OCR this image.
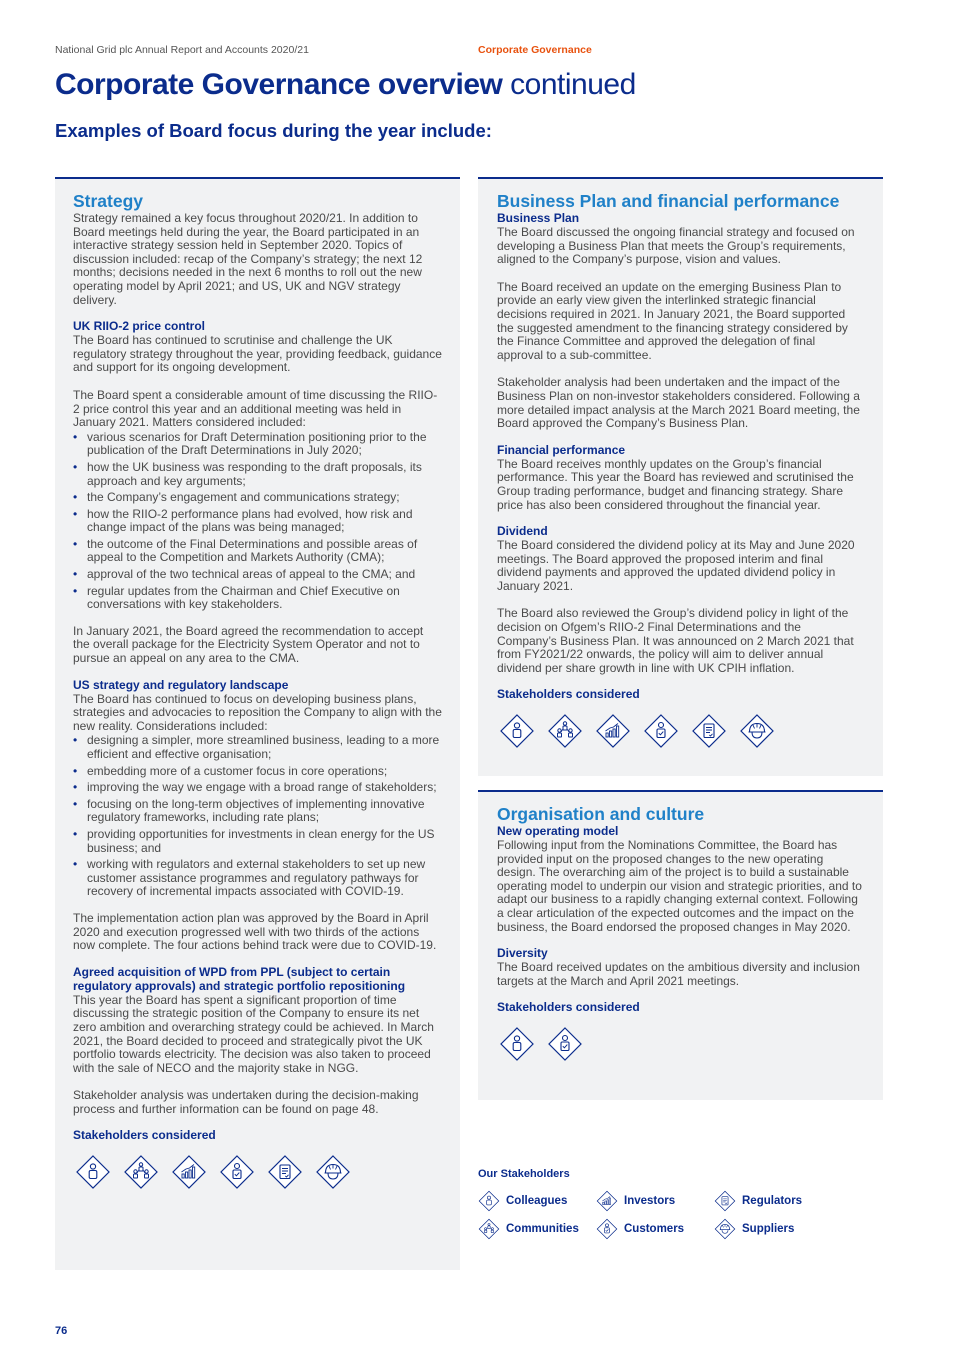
National Grid plc Annual Report and Accounts 2020/21	Corporate Governance
Corporate Governance overview continued
Examples of Board focus during the year include:
Strategy
Strategy remained a key focus throughout 2020/21. In addition to Board meetings held during the year, the Board participated in an interactive strategy session held in September 2020. Topics of discussion included: recap of the Company’s strategy; the next 12 months; decisions needed in the next 6 months to roll out the new operating model by April 2021; and US, UK and NGV strategy delivery.
UK RIIO-2 price control
The Board has continued to scrutinise and challenge the UK regulatory strategy throughout the year, providing feedback, guidance and support for its ongoing development.
The Board spent a considerable amount of time discussing the RIIO-2 price control this year and an additional meeting was held in January 2021. Matters considered included:
• various scenarios for Draft Determination positioning prior to the publication of the Draft Determinations in July 2020;
• how the UK business was responding to the draft proposals, its approach and key arguments;
• the Company’s engagement and communications strategy;
• how the RIIO-2 performance plans had evolved, how risk and change impact of the plans was being managed;
• the outcome of the Final Determinations and possible areas of appeal to the Competition and Markets Authority (CMA);
• approval of the two technical areas of appeal to the CMA; and
• regular updates from the Chairman and Chief Executive on conversations with key stakeholders.
In January 2021, the Board agreed the recommendation to accept the overall package for the Electricity System Operator and not to pursue an appeal on any area to the CMA.
US strategy and regulatory landscape
The Board has continued to focus on developing business plans, strategies and advocacies to reposition the Company to align with the new reality. Considerations included:
• designing a simpler, more streamlined business, leading to a more efficient and effective organisation;
• embedding more of a customer focus in core operations;
• improving the way we engage with a broad range of stakeholders;
• focusing on the long-term objectives of implementing innovative regulatory frameworks, including rate plans;
• providing opportunities for investments in clean energy for the US business; and
• working with regulators and external stakeholders to set up new customer assistance programmes and regulatory pathways for recovery of incremental impacts associated with COVID-19.
The implementation action plan was approved by the Board in April 2020 and execution progressed well with two thirds of the actions now complete. The four actions behind track were due to COVID-19.
Agreed acquisition of WPD from PPL (subject to certain regulatory approvals) and strategic portfolio repositioning
This year the Board has spent a significant proportion of time discussing the strategic position of the Company to ensure its net zero ambition and overarching strategy could be achieved. In March 2021, the Board decided to proceed and strategically pivot the UK portfolio towards electricity. The decision was also taken to proceed with the sale of NECO and the majority stake in NGG.
Stakeholder analysis was undertaken during the decision-making process and further information can be found on page 48.
Stakeholders considered
Business Plan and financial performance
Business Plan
The Board discussed the ongoing financial strategy and focused on developing a Business Plan that meets the Group’s requirements, aligned to the Company’s purpose, vision and values.
The Board received an update on the emerging Business Plan to provide an early view given the interlinked strategic financial decisions required in 2021. In January 2021, the Board supported the suggested amendment to the financing strategy considered by the Finance Committee and approved the delegation of final approval to a sub-committee.
Stakeholder analysis had been undertaken and the impact of the Business Plan on non-investor stakeholders considered. Following a more detailed impact analysis at the March 2021 Board meeting, the Board approved the Company’s Business Plan.
Financial performance
The Board receives monthly updates on the Group’s financial performance. This year the Board has reviewed and scrutinised the Group trading performance, budget and financing strategy. Share price has also been considered throughout the financial year.
Dividend
The Board considered the dividend policy at its May and June 2020 meetings. The Board approved the proposed interim and final dividend payments and approved the updated dividend policy in January 2021.
The Board also reviewed the Group’s dividend policy in light of the decision on Ofgem’s RIIO-2 Final Determinations and the Company’s Business Plan. It was announced on 2 March 2021 that from FY2021/22 onwards, the policy will aim to deliver annual dividend per share growth in line with UK CPIH inflation.
Stakeholders considered
Organisation and culture
New operating model
Following input from the Nominations Committee, the Board has provided input on the proposed changes to the new operating design. The overarching aim of the project is to build a sustainable operating model to underpin our vision and strategic priorities, and to adapt our business to a rapidly changing external context. Following a clear articulation of the expected outcomes and the impact on the business, the Board endorsed the proposed changes in May 2020.
Diversity
The Board received updates on the ambitious diversity and inclusion targets at the March and April 2021 meetings.
Stakeholders considered
Our Stakeholders
Colleagues	Investors	Regulators
Communities	Customers	Suppliers
76
